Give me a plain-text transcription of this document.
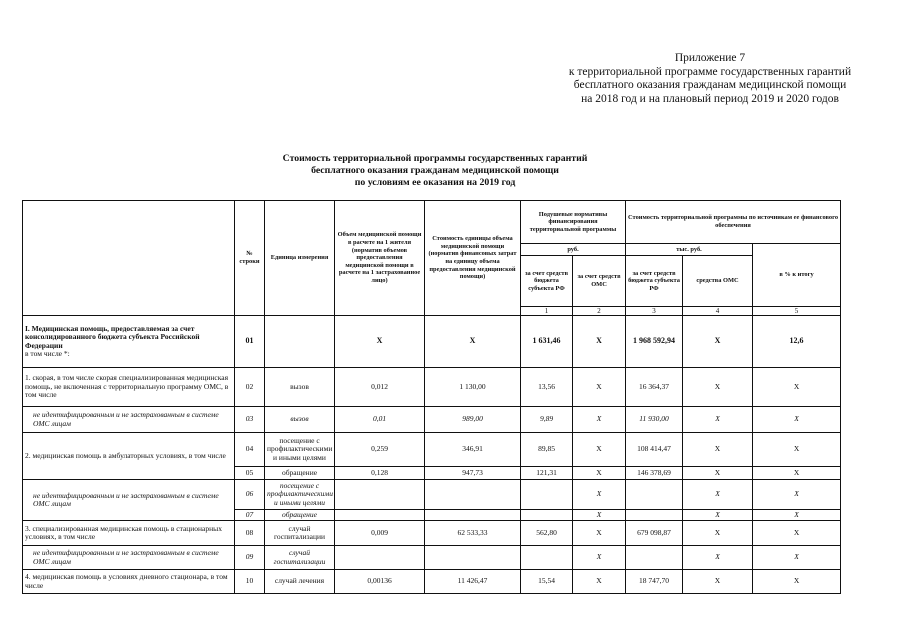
Приложение 7
к территориальной программе государственных гарантий
бесплатного оказания гражданам медицинской помощи
на 2018 год и на плановый период 2019 и 2020 годов
Стоимость территориальной программы государственных гарантий
бесплатного оказания гражданам медицинской помощи
по условиям ее оказания на 2019 год
	№ строки	Единица измерения	Объем медицинской помощи в расчете на 1 жителя (норматив объемов предоставления медицинской помощи в расчете на 1 застрахованное лицо)	Стоимость единицы объема медицинской помощи (норматив финансовых затрат на единицу объема предоставления медицинской помощи)	Подушевые нормативы финансирования территориальной программы		Стоимость территориальной программы по источникам ее финансового обеспечения			
					руб.		тыс. руб.		в % к итогу	
					за счет средств бюджета субъекта РФ	за счет средств ОМС	за счет средств бюджета субъекта РФ	средства ОМС		
					1	2	3	4	5				
I. Медицинская помощь, предоставляемая за счет консолидированного бюджета субъекта Российской Федерации
в том числе *:	01		X	X	1 631,46	X	1 968 592,94	X	12,6	
1. скорая, в том числе скорая специализированная медицинская помощь, не включенная с территориальную программу ОМС, в том числе	02	вызов	0,012	1 130,00	13,56	X	16 364,37	X	X	
не идентифицированным и не застрахованным в системе ОМС лицам	03	вызов	0,01	989,00	9,89	X	11 930,00	X	X	
2. медицинская помощь в амбулаторных условиях, в том числе	04	посещение с профилактическими и иными целями	0,259	346,91	89,85	X	108 414,47	X	X	
	05	обращение	0,128	947,73	121,31	X	146 378,69	X	X	
не идентифицированным и не застрахованным в системе ОМС лицам	06	посещение с профилактическими и иными целями				X		X	X	
	07	обращение				X		X	X	
3. специализированная медицинская помощь в стационарных условиях, в том числе	08	случай госпитализации	0,009	62 533,33	562,80	X	679 098,87	X	X	
не идентифицированным и не застрахованным в системе ОМС лицам	09	случай госпитализации				X		X	X	
4. медицинская помощь в условиях дневного стационара, в том числе	10	случай лечения	0,00136	11 426,47	15,54	X	18 747,70	X	X	
